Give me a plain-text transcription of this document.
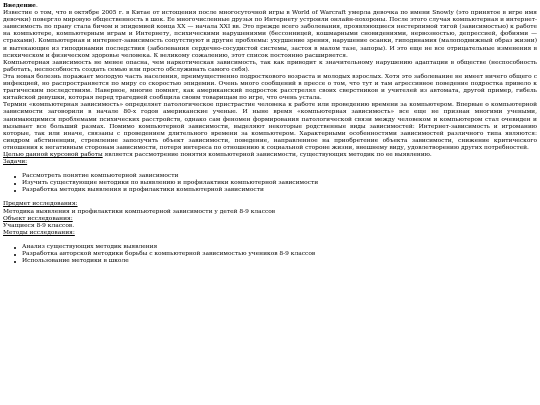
Введение.

Известие о том, что в октябре 2005 г. в Китае от истощения после многосуточной игры в World of Warcraft умерла девочка по имени Snowly (это принятое в игре имя девочки) повергло мировую общественность в шок. Ее многочисленные друзья по Интернету устроили онлайн-похороны. После этого случая компьютерная и интернет-зависимость по праву стала бичом и эпидемией конца XX — начала XXI вв. Это прежде всего заболевания, проявляющиеся нестерпимой тягой (зависимостью) к работе на компьютере, компьютерным играм и Интернету, психическими нарушениями (бессонницей, кошмарными сновидениями, нервозностью, депрессией, фобиями — страхами). Компьютерная и интернет-зависимость сопутствуют и другие проблемы: ухудшение зрения, нарушение осанки, гиподинамия (малоподвижный образ жизни) и вытекающие из гиподинамии последствия (заболевания сердечно-сосудистой системы, застоя в малом тазе, запоры). И это еще не все отрицательные изменения в психическом и физическом здоровье человека. К великому сожалению, этот список постоянно расширяется.

Компьютерная зависимость не менее опасна, чем наркотическая зависимость, так как приводит к значительному нарушению адаптации в обществе (неспособность работать, неспособность создать семью или просто обслуживать самого себя).

Эта новая болезнь поражает молодую часть населения, преимущественно подросткового возраста и молодых взрослых. Хотя это заболевание не имеет ничего общего с инфекцией, но распространяется по миру со скоростью эпидемии. Очень много сообщений в прессе о том, что тут и там агрессивное поведение подростка привело к трагическим последствиям. Наверное, многие помнят, как американский подросток расстрелял своих сверстников и учителей из автомата, другой пример, гибель китайской девушки, которая перед трагедией сообщила своим товарищам по игре, что очень устала.

Термин «компьютерная зависимость» определяет патологическое пристрастие человека к работе или проведению времени за компьютером. Впервые о компьютерной зависимости заговорили в начале 80-х годов американские ученые. И ныне время «компьютерная зависимость» все еще не признан многими учеными, занимающимися проблемами психических расстройств, однако сам феномен формирования патологической связи между человеком и компьютером стал очевиден и вызывает все больший размах. Помимо компьютерной зависимости, выделяют некоторые родственные виды зависимостей: Интернет-зависимость и игроманию которые, так или иначе, связаны с проведением длительного времени за компьютером. Характерными особенностями зависимостей различного типа являются: синдром абстиненции, стремление заполучить объект зависимости, поведение, направленное на приобретение объекта зависимости, снижение критического отношения к негативным сторонам зависимости, потеря интереса по отношению к социальной стороне жизни, внешнему виду, удовлетворению других потребностей.

Целью данной курсовой работы является рассмотрение понятия компьютерной зависимости, существующих методик по ее выявлению.

Задачи:

Рассмотреть понятие компьютерной зависимости
Изучить существующие методики по выявлению и профилактики компьютерной зависимости
Разработка методик выявления и профилактики компьютерной зависимости

Предмет исследования:

Методика выявления и профилактики компьютерной зависимости у детей 8-9 классов

Объект исследования:

Учащиеся 8-9 классов.

Методы исследования:

Анализ существующих методик выявления
Разработка авторской методики борьбы с компьютерной зависимостью учеников 8-9 классов
Использование методики в школе
